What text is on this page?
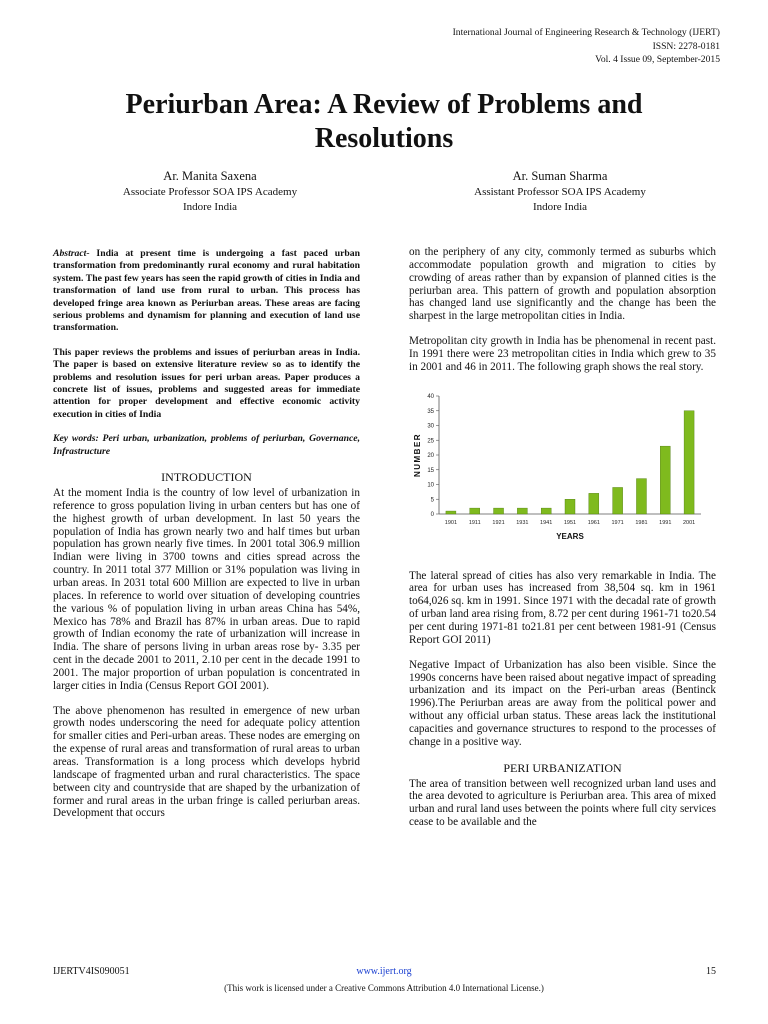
International Journal of Engineering Research & Technology (IJERT)
ISSN: 2278-0181
Vol. 4 Issue 09, September-2015
Periurban Area: A Review of Problems and
Resolutions
Ar. Manita Saxena
Associate Professor SOA IPS Academy
Indore India
Ar. Suman Sharma
Assistant Professor SOA IPS Academy
Indore India

Abstract- India at present time is undergoing a fast paced urban transformation from predominantly rural economy and rural habitation system. The past few years has seen the rapid growth of cities in India and transformation of land use from rural to urban. This process has developed fringe area known as Periurban areas. These areas are facing serious problems and dynamism for planning and execution of land use transformation.

This paper reviews the problems and issues of periurban areas in India. The paper is based on extensive literature review so as to identify the problems and resolution issues for peri urban areas. Paper produces a concrete list of issues, problems and suggested areas for immediate attention for proper development and effective economic activity execution in cities of India

Key words: Peri urban, urbanization, problems of periurban, Governance, Infrastructure

INTRODUCTION

At the moment India is the country of low level of urbanization in reference to gross population living in urban centers but has one of the highest growth of urban development. In last 50 years the population of India has grown nearly two and half times but urban population has grown nearly five times. In 2001 total 306.9 million Indian were living in 3700 towns and cities spread across the country. In 2011 total 377 Million or 31% population was living in urban areas. In 2031 total 600 Million are expected to live in urban places. In reference to world over situation of developing countries the various % of population living in urban areas China has 54%, Mexico has 78% and Brazil has 87% in urban areas. Due to rapid growth of Indian economy the rate of urbanization will increase in India. The share of persons living in urban areas rose by- 3.35 per cent in the decade 2001 to 2011, 2.10 per cent in the decade 1991 to 2001. The major proportion of urban population is concentrated in larger cities in India (Census Report GOI 2001).

The above phenomenon has resulted in emergence of new urban growth nodes underscoring the need for adequate policy attention for smaller cities and Peri-urban areas. These nodes are emerging on the expense of rural areas and transformation of rural areas to urban areas. Transformation is a long process which develops hybrid landscape of fragmented urban and rural characteristics. The space between city and countryside that are shaped by the urbanization of former and rural areas in the urban fringe is called periurban areas. Development that occurs

on the periphery of any city, commonly termed as suburbs which accommodate population growth and migration to cities by crowding of areas rather than by expansion of planned cities is the periurban area. This pattern of growth and population absorption has changed land use significantly and the change has been the sharpest in the large metropolitan cities in India.

Metropolitan city growth in India has be phenomenal in recent past. In 1991 there were 23 metropolitan cities in India which grew to 35 in 2001 and 46 in 2011. The following graph shows the real story.

0
5
10
15
20
25
30
35
40
1901 1911 1921 1931 1941 1951 1961 1971 1981 1991 2001
YEARS
NUMBER

The lateral spread of cities has also very remarkable in India. The area for urban uses has increased from 38,504 sq. km in 1961 to64,026 sq. km in 1991. Since 1971 with the decadal rate of growth of urban land area rising from, 8.72 per cent during 1961-71 to20.54 per cent during 1971-81 to21.81 per cent between 1981-91 (Census Report GOI 2011)

Negative Impact of Urbanization has also been visible. Since the 1990s concerns have been raised about negative impact of spreading urbanization and its impact on the Peri-urban areas (Bentinck 1996).The Periurban areas are away from the political power and without any official urban status. These areas lack the institutional capacities and governance structures to respond to the processes of change in a positive way.

PERI URBANIZATION

The area of transition between well recognized urban land uses and the area devoted to agriculture is Periurban area. This area of mixed urban and rural land uses between the points where full city services cease to be available and the

IJERTV4IS090051	www.ijert.org	15
(This work is licensed under a Creative Commons Attribution 4.0 International License.)
